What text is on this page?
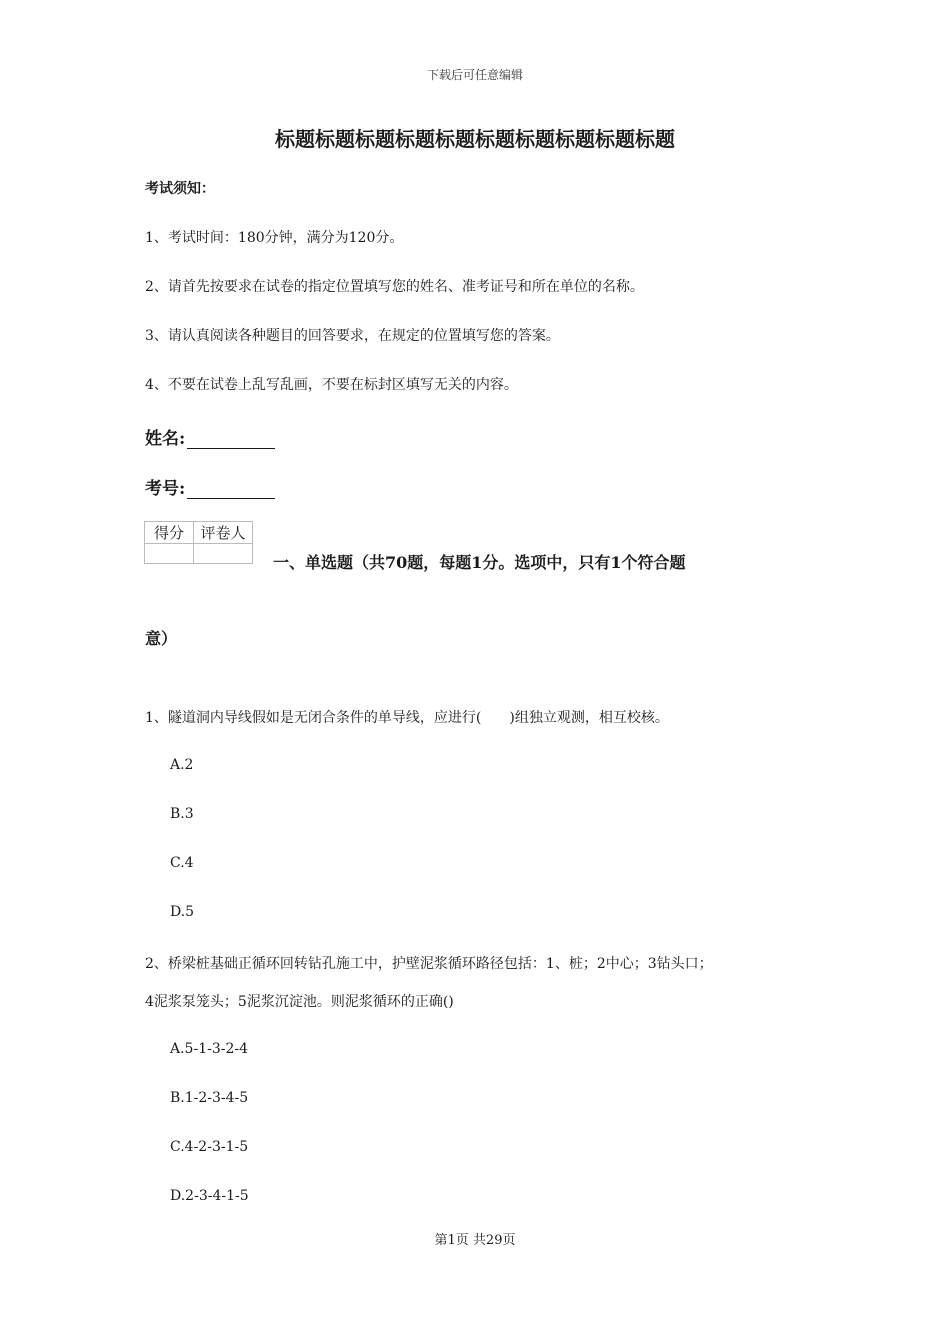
下载后可任意编辑
标题标题标题标题标题标题标题标题标题标题
考试须知：
1、考试时间：180分钟，满分为120分。
2、请首先按要求在试卷的指定位置填写您的姓名、准考证号和所在单位的名称。
3、请认真阅读各种题目的回答要求，在规定的位置填写您的答案。
4、不要在试卷上乱写乱画，不要在标封区填写无关的内容。
姓名:
考号:
得分	评卷人

一、单选题（共70题，每题1分。选项中，只有1个符合题
意）
1、隧道洞内导线假如是无闭合条件的单导线，应进行(　　)组独立观测，相互校核。
A.2
B.3
C.4
D.5
2、桥梁桩基础正循环回转钻孔施工中，护壁泥浆循环路径包括：1、桩；2中心；3钻头口；
4泥浆泵笼头；5泥浆沉淀池。则泥浆循环的正确()
A.5-1-3-2-4
B.1-2-3-4-5
C.4-2-3-1-5
D.2-3-4-1-5
第1页 共29页
